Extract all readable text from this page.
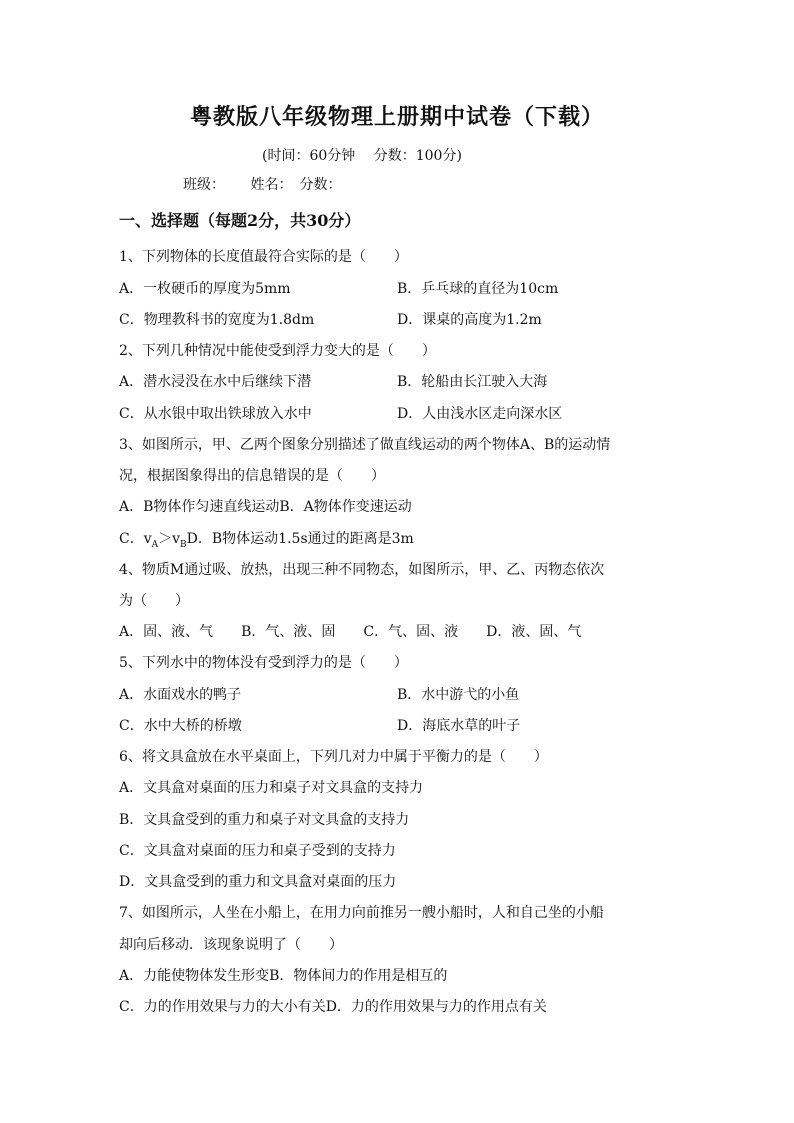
粤教版八年级物理上册期中试卷（下载）
(时间：60分钟　 分数：100分)
班级：　　 姓名：　分数：
一、选择题（每题2分，共30分）
1、下列物体的长度值最符合实际的是（　　）
A．一枚硬币的厚度为5mm	B．乒乓球的直径为10cm
C．物理教科书的宽度为1.8dm	D．课桌的高度为1.2m
2、下列几种情况中能使受到浮力变大的是（　　）
A．潜水浸没在水中后继续下潜	B．轮船由长江驶入大海
C．从水银中取出铁球放入水中	D．人由浅水区走向深水区
3、如图所示，甲、乙两个图象分别描述了做直线运动的两个物体A、B的运动情
况，根据图象得出的信息错误的是（　　）
A．B物体作匀速直线运动B．A物体作变速运动
C．$v_A>v_BD$．B物体运动1.5s通过的距离是3m
4、物质M通过吸、放热，出现三种不同物态，如图所示，甲、乙、丙物态依次
为（　　）
A．固、液、气　　B．气、液、固　　C．气、固、液　　D．液、固、气
5、下列水中的物体没有受到浮力的是（　　）
A．水面戏水的鸭子	B．水中游弋的小鱼
C．水中大桥的桥墩	D．海底水草的叶子
6、将文具盒放在水平桌面上，下列几对力中属于平衡力的是（　　）
A．文具盒对桌面的压力和桌子对文具盒的支持力
B．文具盒受到的重力和桌子对文具盒的支持力
C．文具盒对桌面的压力和桌子受到的支持力
D．文具盒受到的重力和文具盒对桌面的压力
7、如图所示，人坐在小船上，在用力向前推另一艘小船时，人和自己坐的小船
却向后移动．该现象说明了（　　）
A．力能使物体发生形变B．物体间力的作用是相互的
C．力的作用效果与力的大小有关D．力的作用效果与力的作用点有关
